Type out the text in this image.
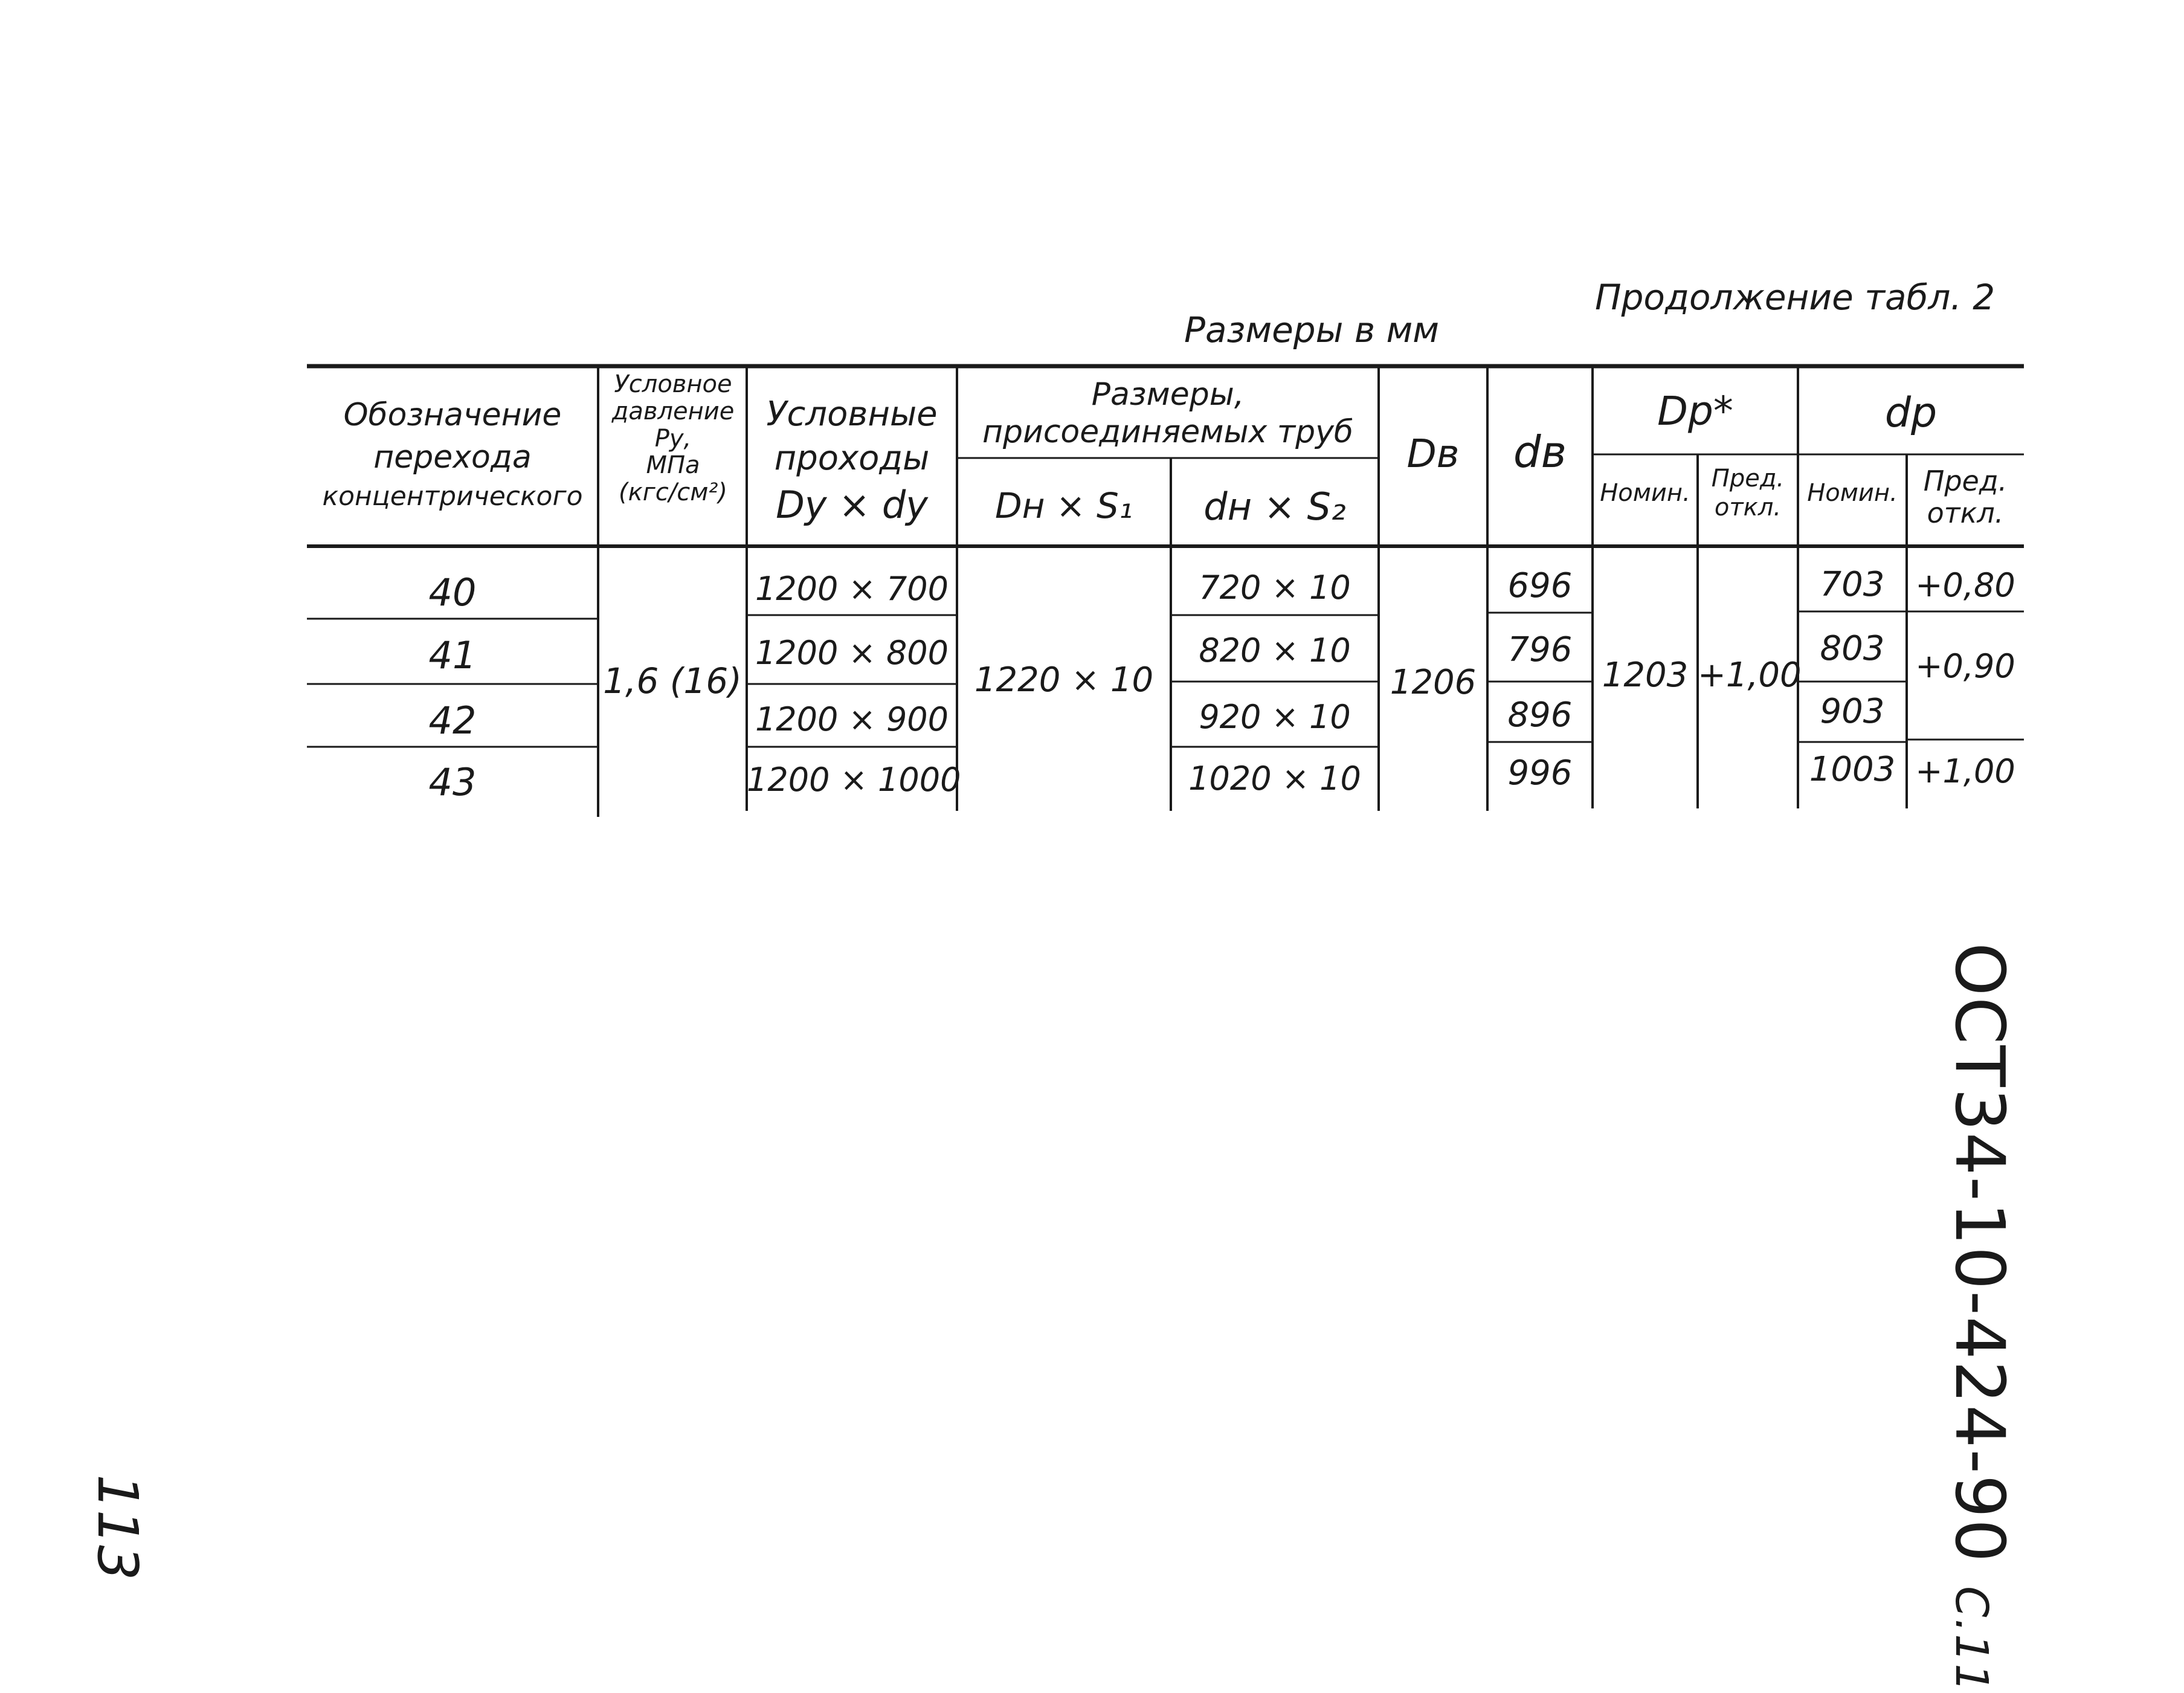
Продолжение табл. 2
Размеры в мм
Обозначение
перехода
концентрического
Условное
давление
Pу,
МПа
(кгс/см²)
Условные
проходы
Dу × dу
Размеры,
присоединяемых труб
Dн × S₁	dн × S₂
Dв	dв
Dр*
Номин.
Пред.
откл.
dр
Номин. Пред.
откл.
40
41
42
43
1,6 (16)
1200 × 700
1200 × 800
1200 × 900
1200 × 1000
1220 × 10
720 × 10
820 × 10
920 × 10
1020 × 10
1206
696
796
896
996
1203 +1,00
703
803
903
1003
+0,80
+0,90
+1,00
ОСТ34-10-424-90 С.11
113
